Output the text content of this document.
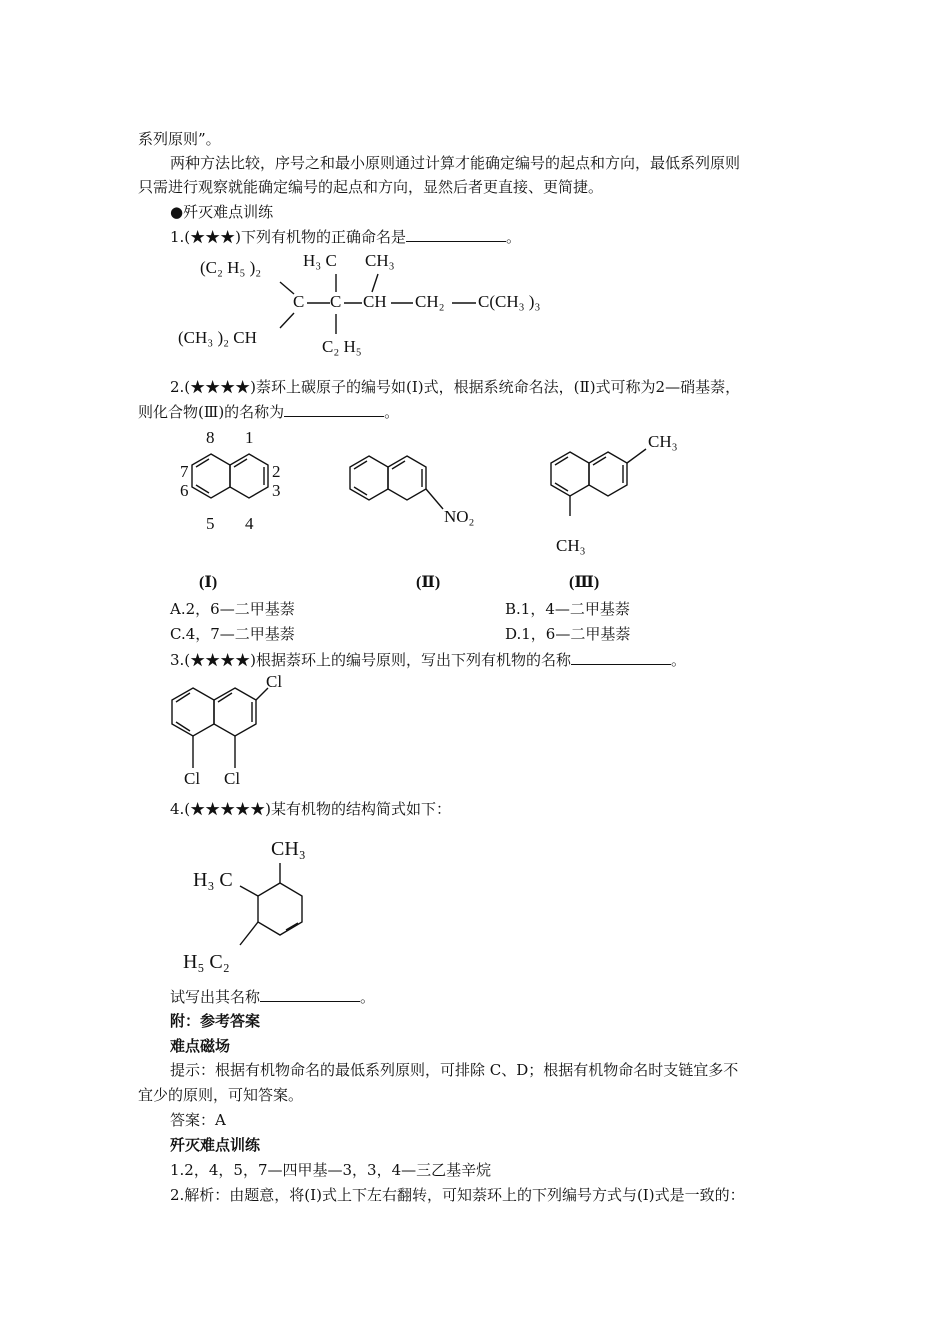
系列原则”。
两种方法比较，序号之和最小原则通过计算才能确定编号的起点和方向，最低系列原则
只需进行观察就能确定编号的起点和方向，显然后者更直接、更简捷。
●歼灭难点训练
1.(★★★)下列有机物的正确命名是	。
(C₂ H₅ )₂ H₃ C CH₃
C C CH CH₂ C(CH₃ )₃
(CH₃ )₂ CH	C₂ H₅
2.(★★★★)萘环上碳原子的编号如(Ⅰ)式，根据系统命名法，(Ⅱ)式可称为2—硝基萘，
则化合物(Ⅲ)的名称为	。
8 1
7	2
6	3
5 4	NO₂
CH₃
CH₃
(Ⅰ)	(Ⅱ)	(Ⅲ)
A.2，6—二甲基萘	B.1，4—二甲基萘
C.4，7—二甲基萘	D.1，6—二甲基萘
3.(★★★★)根据萘环上的编号原则，写出下列有机物的名称	。
Cl
Cl Cl
4.(★★★★★)某有机物的结构简式如下：
CH₃
H₃ C
H₅ C₂
试写出其名称	。
附：参考答案
难点磁场
提示：根据有机物命名的最低系列原则，可排除 C、D；根据有机物命名时支链宜多不
宜少的原则，可知答案。
答案：A
歼灭难点训练
1.2，4，5，7—四甲基—3，3，4—三乙基辛烷
2.解析：由题意，将(Ⅰ)式上下左右翻转，可知萘环上的下列编号方式与(Ⅰ)式是一致的：
